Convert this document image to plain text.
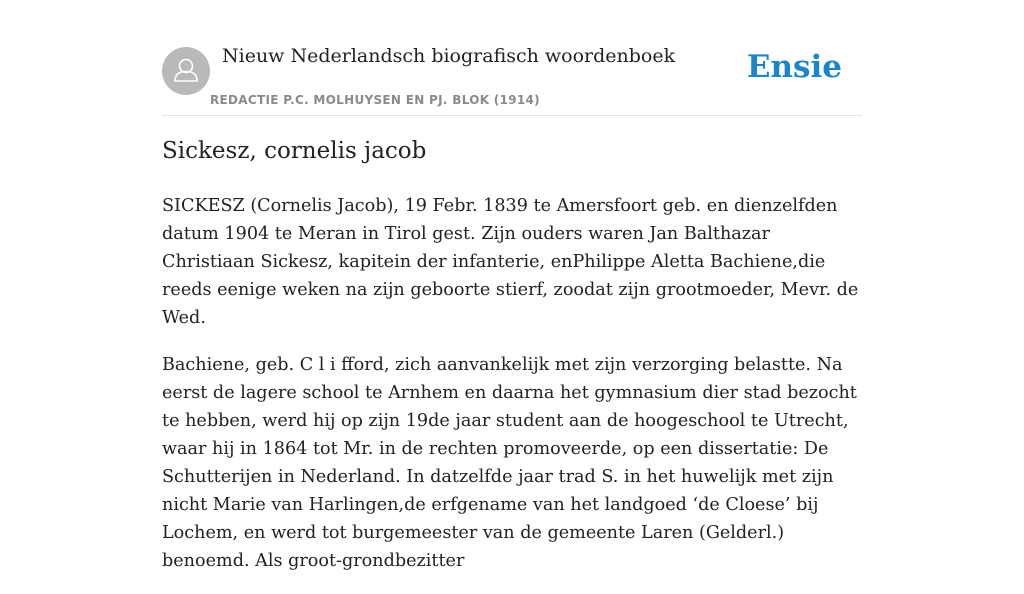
Nieuw Nederlandsch biografisch woordenboek
REDACTIE P.C. MOLHUYSEN EN PJ. BLOK (1914)
Ensie
Sickesz, cornelis jacob

SICKESZ (Cornelis Jacob), 19 Febr. 1839 te Amersfoort geb. en dienzelfden datum 1904 te Meran in Tirol gest. Zijn ouders waren Jan Balthazar Christiaan Sickesz, kapitein der infanterie, enPhilippe Aletta Bachiene,die reeds eenige weken na zijn geboorte stierf, zoodat zijn grootmoeder, Mevr. de Wed.

Bachiene, geb. C l i fford, zich aanvankelijk met zijn verzorging belastte. Na eerst de lagere school te Arnhem en daarna het gymnasium dier stad bezocht te hebben, werd hij op zijn 19de jaar student aan de hoogeschool te Utrecht, waar hij in 1864 tot Mr. in de rechten promoveerde, op een dissertatie: De Schutterijen in Nederland. In datzelfde jaar trad S. in het huwelijk met zijn nicht Marie van Harlingen,de erfgename van het landgoed ‘de Cloese’ bij Lochem, en werd tot burgemeester van de gemeente Laren (Gelderl.) benoemd. Als groot-grondbezitter
